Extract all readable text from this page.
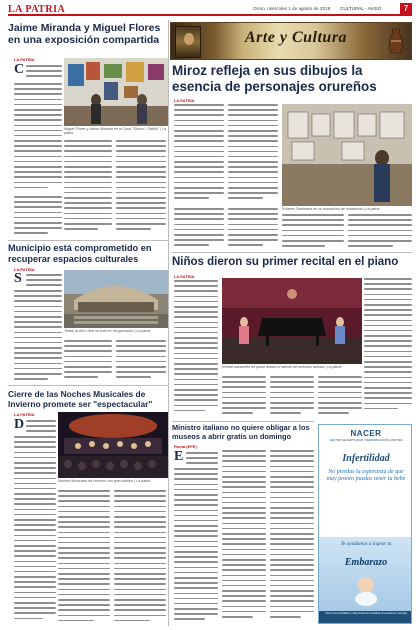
LA PATRIA	Oruro, miércoles 1 de agosto de 2018 CULTURAL - AVISO	7
Jaime Miranda y Miguel Flores en una exposición compartida
LA PATRIA
C
Miguel Flores y Jaime Miranda en la Casa "Simón I. Patiño" | La patria
Municipio está comprometido en recuperar espacios culturales
LA PATRIA
S
Teatro al Aire Libre se está en recuperación | La patria
Cierre de las Noches Musicales de Invierno promete ser "espectacular"
LA PATRIA
D
Noches Musicales de Invierno con gran público | La patria
Arte y Cultura
Miroz refleja en sus dibujos la esencia de personajes orureños
LA PATRIA
Roberto Zambrana en su exposición de miniaturas | La patria
Niños dieron su primer recital en el piano
LA PATRIA
Recital navarreño de piano realizó el talento de nuestros artistas | La patria
Ministro italiano no quiere obligar a los museos a abrir gratis un domingo
Roma (EFE)
E
NACER
CENTRO DE FERTILIDAD Y REPRODUCCIÓN ASISTIDA
Infertilidad
No pierdas la esperanza de que muy pronto puedas tener tu bebé
Te ayudamos a lograr tu
Embarazo
Centro de Fertilidad y Reproducción Asistida (Consultorio Central)
